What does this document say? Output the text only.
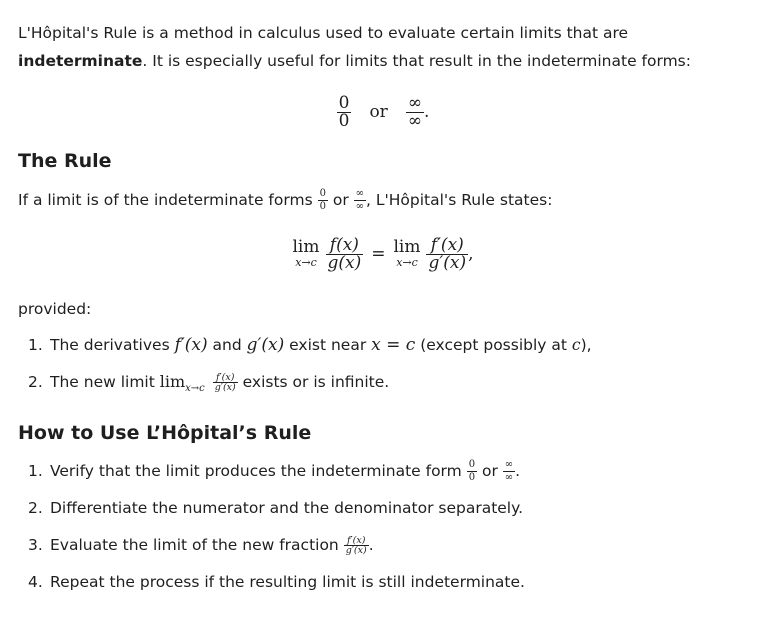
L'Hôpital's Rule is a method in calculus used to evaluate certain limits that are indeterminate. It is especially useful for limits that result in the indeterminate forms:

$\frac{0}{0}$ or $\frac{\infty}{\infty}$ .
The Rule

If a limit is of the indeterminate forms $\frac{0}{0}$ or $\frac{\infty}{\infty}$ , L'Hôpital's Rule states:

lim
$x\to c \frac{f(x)}{g(x)} = \lim$
$x\to c \frac{f'(x)}{g'(x)}$ ,

provided:

1. The derivatives f′(x) and g′(x) exist near x = c (except possibly at c),
2. The new limit $\lim_{x\to c} \frac{f'(x)}{g'(x)}$ exists or is infinite.
How to Use L’Hôpital’s Rule
1. Verify that the limit produces the indeterminate form $\frac{0}{0}$ or $\frac{\infty}{\infty}$ .
2. Differentiate the numerator and the denominator separately.
3. Evaluate the limit of the new fraction $\frac{f'(x)}{g'(x)}$ .
4. Repeat the process if the resulting limit is still indeterminate.
